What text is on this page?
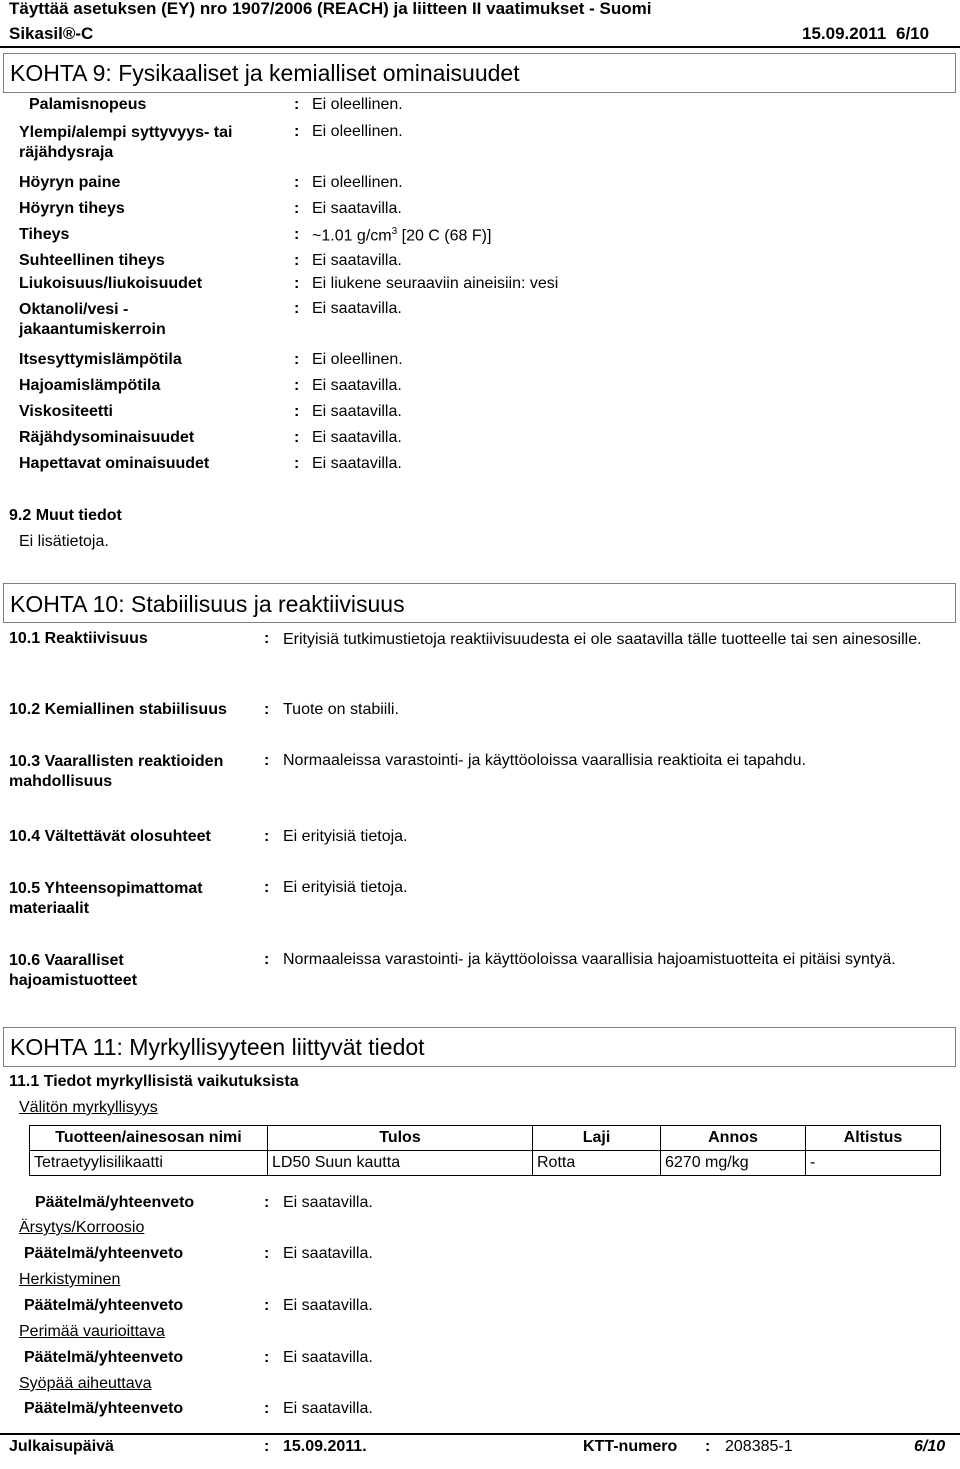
Täyttää asetuksen (EY) nro 1907/2006 (REACH) ja liitteen II vaatimukset - Suomi
Sikasil®-C	15.09.2011 6/10
KOHTA 9: Fysikaaliset ja kemialliset ominaisuudet
Palamisnopeus	: Ei oleellinen.
Ylempi/alempi syttyvyys- tai räjähdysraja
: Ei oleellinen.
Höyryn paine	: Ei oleellinen.
Höyryn tiheys	: Ei saatavilla.
Tiheys	: ~1.01 $g/cm^3$ [20 C (68 F)]
Suhteellinen tiheys	: Ei saatavilla.
Liukoisuus/liukoisuudet	: Ei liukene seuraaviin aineisiin: vesi
Oktanoli/vesi - jakaantumiskerroin
: Ei saatavilla.
Itsesyttymislämpötila	: Ei oleellinen.
Hajoamislämpötila	: Ei saatavilla.
Viskositeetti	: Ei saatavilla.
Räjähdysominaisuudet	: Ei saatavilla.
Hapettavat ominaisuudet	: Ei saatavilla.
9.2 Muut tiedot
Ei lisätietoja.
KOHTA 10: Stabiilisuus ja reaktiivisuus
10.1 Reaktiivisuus	: Erityisiä tutkimustietoja reaktiivisuudesta ei ole saatavilla tälle tuotteelle tai sen ainesosille.
10.2 Kemiallinen stabiilisuus : Tuote on stabiili.
10.3 Vaarallisten reaktioiden mahdollisuus
: Normaaleissa varastointi- ja käyttöoloissa vaarallisia reaktioita ei tapahdu.
10.4 Vältettävät olosuhteet	: Ei erityisiä tietoja.
10.5 Yhteensopimattomat materiaalit
: Ei erityisiä tietoja.
10.6 Vaaralliset hajoamistuotteet
: Normaaleissa varastointi- ja käyttöoloissa vaarallisia hajoamistuotteita ei pitäisi syntyä.
KOHTA 11: Myrkyllisyyteen liittyvät tiedot
11.1 Tiedot myrkyllisistä vaikutuksista
Välitön myrkyllisyys
Tuotteen/ainesosan nimi	Tulos	Laji	Annos	Altistus
Tetraetyylisilikaatti	LD50 Suun kautta	Rotta	6270 mg/kg	-
Päätelmä/yhteenveto	: Ei saatavilla.
Ärsytys/Korroosio
Päätelmä/yhteenveto	: Ei saatavilla.
Herkistyminen
Päätelmä/yhteenveto	: Ei saatavilla.
Perimää vaurioittava
Päätelmä/yhteenveto	: Ei saatavilla.
Syöpää aiheuttava
Päätelmä/yhteenveto	: Ei saatavilla.
Julkaisupäivä	: 15.09.2011.	KTT-numero : 208385-1	6/10
